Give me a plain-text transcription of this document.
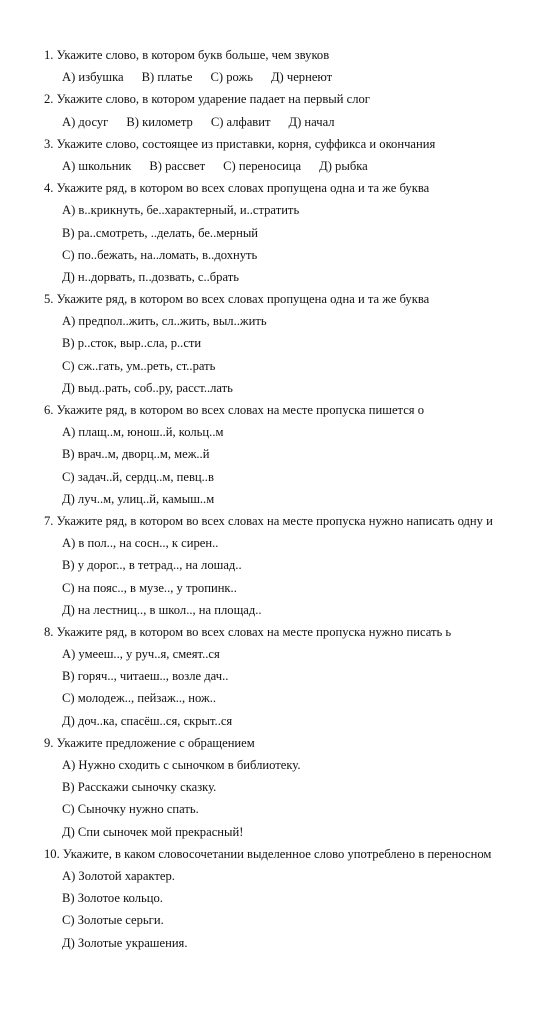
1. Укажите слово, в котором букв больше, чем звуков
А) избушка В) платье С) рожь Д) чернеют
2. Укажите слово, в котором ударение падает на первый слог
А) досуг В) километр С) алфавит Д) начал
3. Укажите слово, состоящее из приставки, корня, суффикса и окончания
А) школьник В) рассвет С) переносица Д) рыбка
4. Укажите ряд, в котором во всех словах пропущена одна и та же буква
А) в..крикнуть, бе..характерный, и..стратить
В) ра..смотреть, ..делать, бе..мерный
С) по..бежать, на..ломать, в..дохнуть
Д) н..дорвать, п..дозвать, с..брать
5. Укажите ряд, в котором во всех словах пропущена одна и та же буква
А) предпол..жить, сл..жить, выл..жить
В) р..сток, выр..сла, р..сти
С) сж..гать, ум..реть, ст..рать
Д) выд..рать, соб..ру, расст..лать
6. Укажите ряд, в котором во всех словах на месте пропуска пишется о
А) плащ..м, юнош..й, кольц..м
В) врач..м, дворц..м, меж..й
С) задач..й, сердц..м, певц..в
Д) луч..м, улиц..й, камыш..м
7. Укажите ряд, в котором во всех словах на месте пропуска нужно написать одну и
А) в пол.., на сосн.., к сирен..
В) у дорог.., в тетрад.., на лошад..
С) на пояс.., в музе.., у тропинк..
Д) на лестниц.., в школ.., на площад..
8. Укажите ряд, в котором во всех словах на месте пропуска нужно писать ь
А) умееш.., у руч..я, смеят..ся
В) горяч.., читаеш.., возле дач..
С) молодеж.., пейзаж.., нож..
Д) доч..ка, спасёш..ся, скрыт..ся
9. Укажите предложение с обращением
А) Нужно сходить с сыночком в библиотеку.
В) Расскажи сыночку сказку.
С) Сыночку нужно спать.
Д) Спи сыночек мой прекрасный!
10. Укажите, в каком словосочетании выделенное слово употреблено в переносном
А) Золотой характер.
В) Золотое кольцо.
С) Золотые серьги.
Д) Золотые украшения.
